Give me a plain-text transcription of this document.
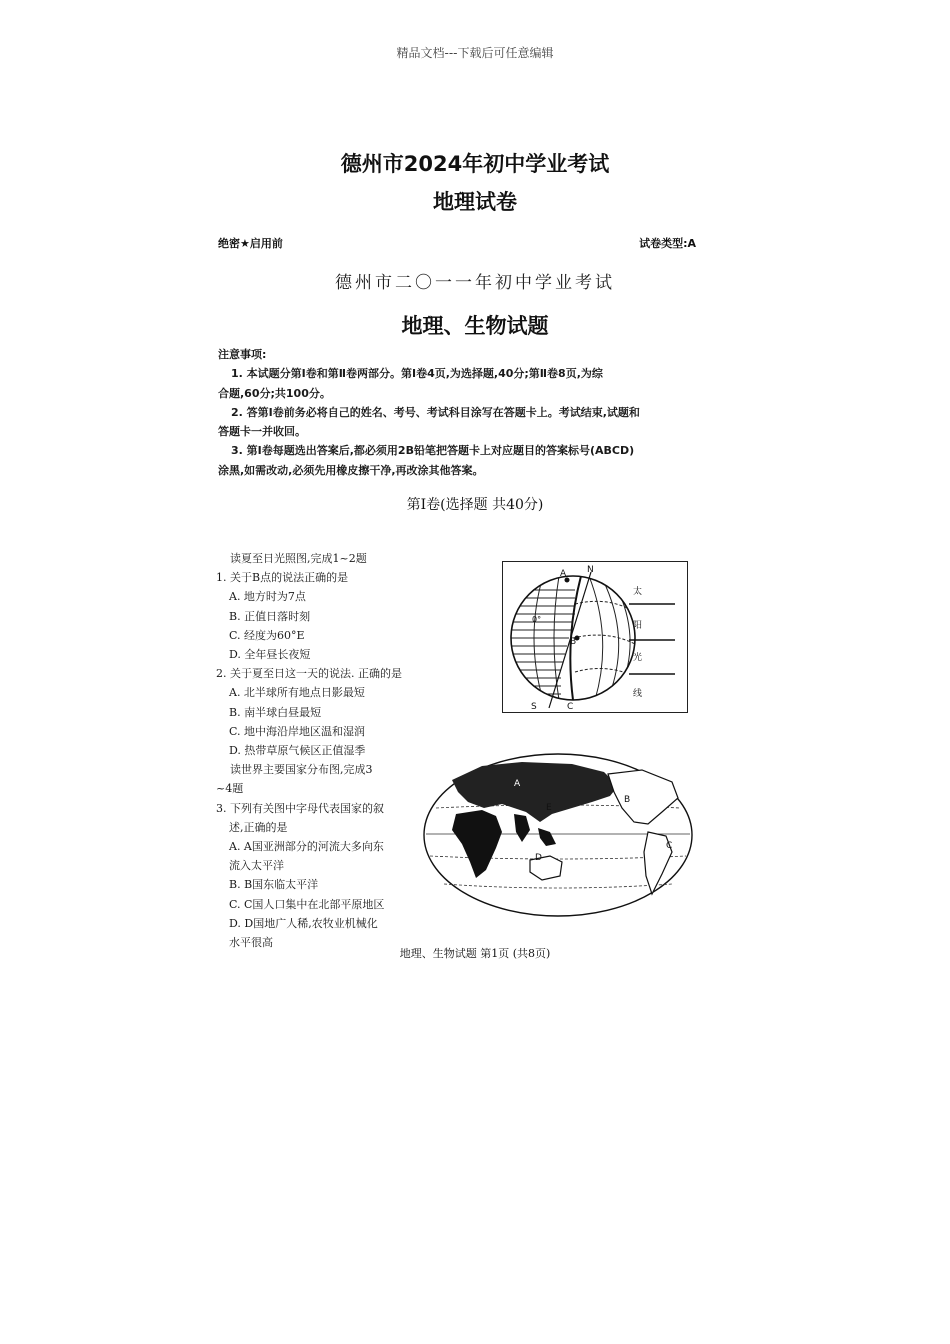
精品文档---下载后可任意编辑
德州市2024年初中学业考试
地理试卷
绝密★启用前	试卷类型:A
德州市二〇一一年初中学业考试
地理、生物试题

注意事项:

1. 本试题分第Ⅰ卷和第Ⅱ卷两部分。第Ⅰ卷4页,为选择题,40分;第Ⅱ卷8页,为综

合题,60分;共100分。

2. 答第Ⅰ卷前务必将自己的姓名、考号、考试科目涂写在答题卡上。考试结束,试题和

答题卡一并收回。

3. 第Ⅰ卷每题选出答案后,都必须用2B铅笔把答题卡上对应题目的答案标号(ABCD)

涂黑,如需改动,必须先用橡皮擦干净,再改涂其他答案。

第Ⅰ卷(选择题 共40分)

读夏至日光照图,完成1~2题

1. 关于B点的说法正确的是

A. 地方时为7点

B. 正值日落时刻

C. 经度为60°E

D. 全年昼长夜短

2. 关于夏至日这一天的说法. 正确的是

A. 北半球所有地点日影最短

B. 南半球白昼最短

C. 地中海沿岸地区温和湿润

D. 热带草原气候区正值湿季

读世界主要国家分布图,完成3

~4题

3. 下列有关图中字母代表国家的叙

述,正确的是

A. A国亚洲部分的河流大多向东

流入太平洋

B. B国东临太平洋

C. C国人口集中在北部平原地区

D. D国地广人稀,农牧业机械化

水平很高

A N
0°
B
S	C
太
阳
光
线
A
B
C
D
E
地理、生物试题 第1页 (共8页)
